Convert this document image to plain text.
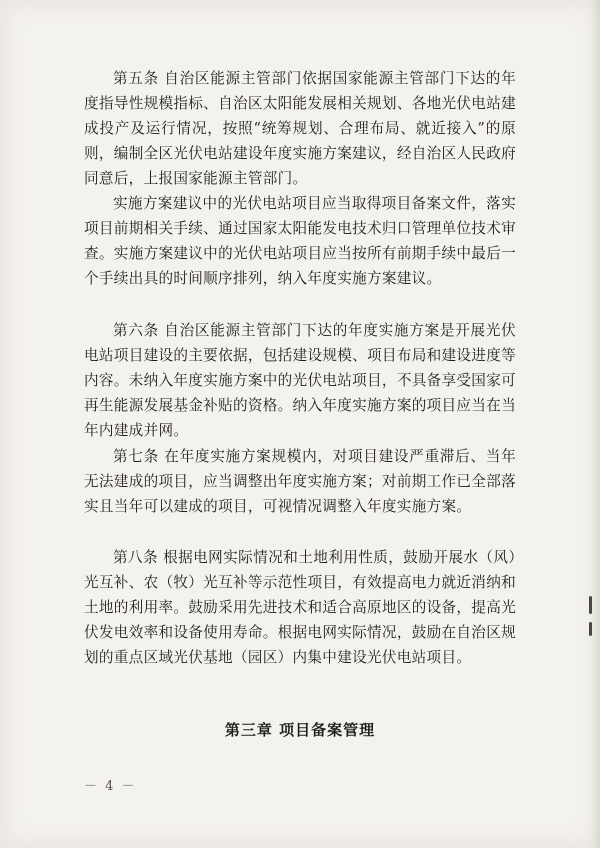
第五条 自治区能源主管部门依据国家能源主管部门下达的年度指导性规模指标、自治区太阳能发展相关规划、各地光伏电站建成投产及运行情况，按照“统筹规划、合理布局、就近接入”的原则，编制全区光伏电站建设年度实施方案建议，经自治区人民政府同意后，上报国家能源主管部门。

实施方案建议中的光伏电站项目应当取得项目备案文件，落实项目前期相关手续、通过国家太阳能发电技术归口管理单位技术审查。实施方案建议中的光伏电站项目应当按所有前期手续中最后一个手续出具的时间顺序排列，纳入年度实施方案建议。

第六条 自治区能源主管部门下达的年度实施方案是开展光伏电站项目建设的主要依据，包括建设规模、项目布局和建设进度等内容。未纳入年度实施方案中的光伏电站项目，不具备享受国家可再生能源发展基金补贴的资格。纳入年度实施方案的项目应当在当年内建成并网。

第七条 在年度实施方案规模内，对项目建设严重滞后、当年无法建成的项目，应当调整出年度实施方案；对前期工作已全部落实且当年可以建成的项目，可视情况调整入年度实施方案。

第八条 根据电网实际情况和土地利用性质，鼓励开展水（风）光互补、农（牧）光互补等示范性项目，有效提高电力就近消纳和土地的利用率。鼓励采用先进技术和适合高原地区的设备，提高光伏发电效率和设备使用寿命。根据电网实际情况，鼓励在自治区规划的重点区域光伏基地（园区）内集中建设光伏电站项目。

第三章 项目备案管理
－ 4 －
